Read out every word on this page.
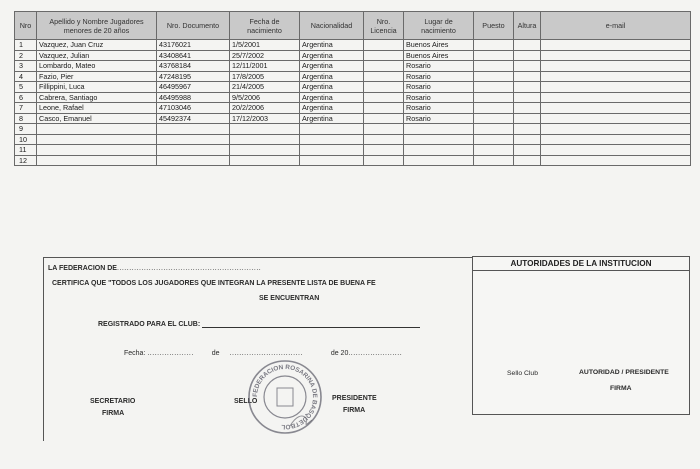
Nro	Apellido y Nombre Jugadores menores de 20 años	Nro. Documento	Fecha de nacimiento	Nacionalidad	Nro. Licencia	Lugar de nacimiento	Puesto	Altura	e-mail
1	Vazquez, Juan Cruz	43176021	1/5/2001	Argentina		Buenos Aires			
2	Vazquez, Julian	43408641	25/7/2002	Argentina		Buenos Aires			
3	Lombardo, Mateo	43768184	12/11/2001	Argentina		Rosario			
4	Fazio, Pier	47248195	17/8/2005	Argentina		Rosario			
5	Fillippini, Luca	46495967	21/4/2005	Argentina		Rosario			
6	Cabrera, Santiago	46495988	9/5/2006	Argentina		Rosario			
7	Leone, Rafael	47103046	20/2/2006	Argentina		Rosario			
8	Casco, Emanuel	45492374	17/12/2003	Argentina		Rosario			
9									
10									
11									
12									
LA FEDERACION DE...........................................................
CERTIFICA QUE "TODOS LOS JUGADORES QUE INTEGRAN LA PRESENTE LISTA DE BUENA FE
SE ENCUENTRAN
REGISTRADO PARA EL CLUB:
Fecha: ...................	de ..............................	de 20......................
SECRETARIO
FIRMA
SELLO	PRESIDENTE
FIRMA
AUTORIDADES DE LA INSTITUCION
Sello Club	AUTORIDAD / PRESIDENTE
FIRMA
FEDERACION ROSARINA DE BASQUETBOL
